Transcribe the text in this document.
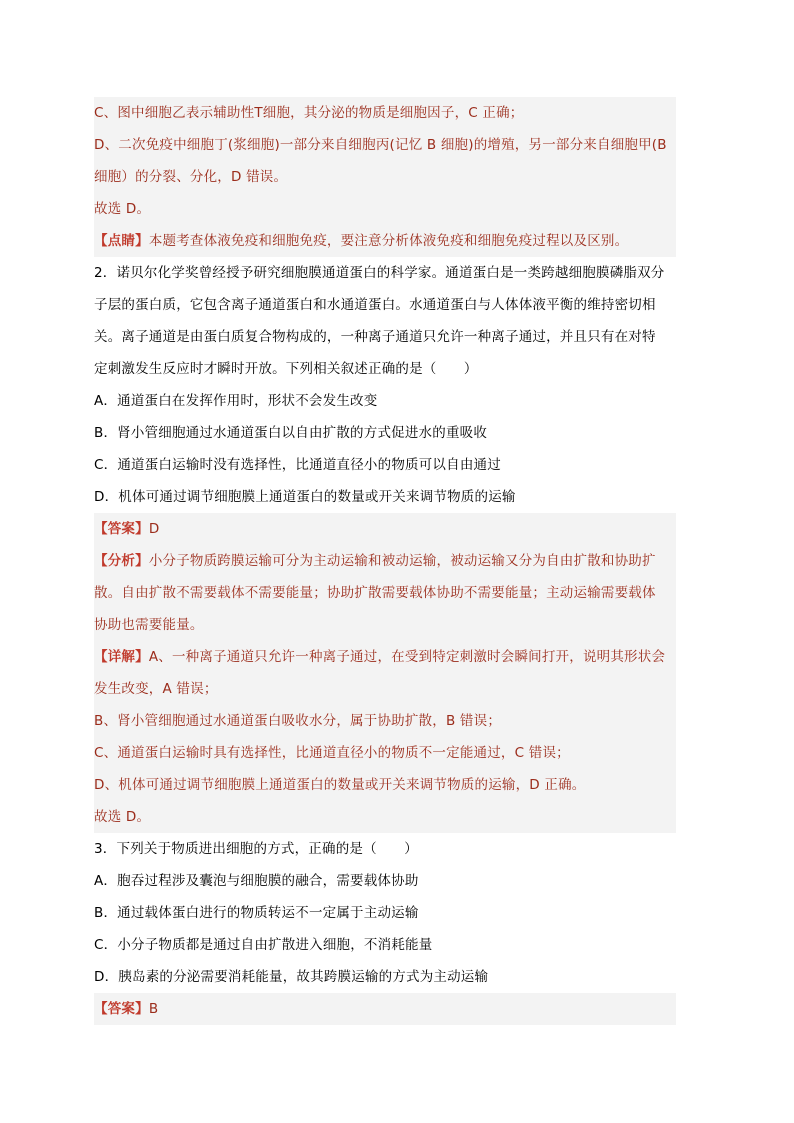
C、图中细胞乙表示辅助性T细胞，其分泌的物质是细胞因子，C 正确；
D、二次免疫中细胞丁(浆细胞)一部分来自细胞丙(记忆 B 细胞)的增殖，另一部分来自细胞甲(B
细胞）的分裂、分化，D 错误。
故选 D。
【点睛】本题考查体液免疫和细胞免疫，要注意分析体液免疫和细胞免疫过程以及区别。
2．诺贝尔化学奖曾经授予研究细胞膜通道蛋白的科学家。通道蛋白是一类跨越细胞膜磷脂双分
子层的蛋白质，它包含离子通道蛋白和水通道蛋白。水通道蛋白与人体体液平衡的维持密切相
关。离子通道是由蛋白质复合物构成的，一种离子通道只允许一种离子通过，并且只有在对特
定刺激发生反应时才瞬时开放。下列相关叙述正确的是（　　）
A．通道蛋白在发挥作用时，形状不会发生改变
B．肾小管细胞通过水通道蛋白以自由扩散的方式促进水的重吸收
C．通道蛋白运输时没有选择性，比通道直径小的物质可以自由通过
D．机体可通过调节细胞膜上通道蛋白的数量或开关来调节物质的运输
【答案】D
【分析】小分子物质跨膜运输可分为主动运输和被动运输，被动运输又分为自由扩散和协助扩
散。自由扩散不需要载体不需要能量；协助扩散需要载体协助不需要能量；主动运输需要载体
协助也需要能量。
【详解】A、一种离子通道只允许一种离子通过，在受到特定刺激时会瞬间打开，说明其形状会
发生改变，A 错误；
B、肾小管细胞通过水通道蛋白吸收水分，属于协助扩散，B 错误；
C、通道蛋白运输时具有选择性，比通道直径小的物质不一定能通过，C 错误；
D、机体可通过调节细胞膜上通道蛋白的数量或开关来调节物质的运输，D 正确。
故选 D。
3．下列关于物质进出细胞的方式，正确的是（　　）
A．胞吞过程涉及囊泡与细胞膜的融合，需要载体协助
B．通过载体蛋白进行的物质转运不一定属于主动运输
C．小分子物质都是通过自由扩散进入细胞，不消耗能量
D．胰岛素的分泌需要消耗能量，故其跨膜运输的方式为主动运输
【答案】B
